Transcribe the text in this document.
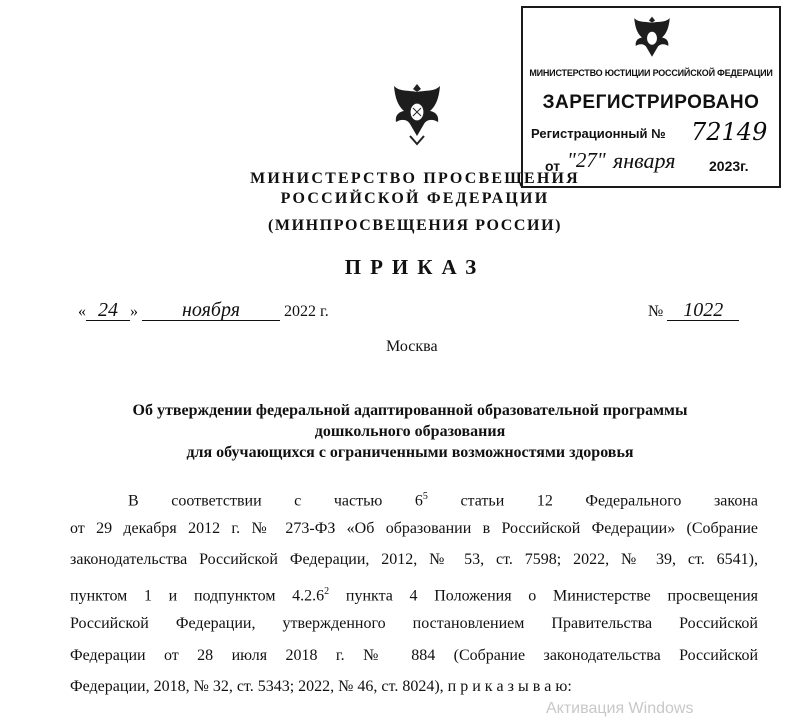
МИНИСТЕРСТВО ЮСТИЦИИ РОССИЙСКОЙ ФЕДЕРАЦИИ
ЗАРЕГИСТРИРОВАНО
Регистрационный № 72149
от "27" января 2023г.
МИНИСТЕРСТВО ПРОСВЕЩЕНИЯ
РОССИЙСКОЙ ФЕДЕРАЦИИ
(МИНПРОСВЕЩЕНИЯ РОССИИ)
ПРИКАЗ
« 24 » ноября	2022 г.	№ 1022
Москва
Об утверждении федеральной адаптированной образовательной программы
дошкольного образования
для обучающихся с ограниченными возможностями здоровья
В соответствии с частью $6^5$ статьи 12 Федерального закона
от 29 декабря 2012 г. № 273-ФЗ «Об образовании в Российской Федерации» (Собрание
законодательства Российской Федерации, 2012, № 53, ст. 7598; 2022, № 39, ст. 6541),
пунктом 1 и подпунктом 4.2.6$^2$ пункта 4 Положения о Министерстве просвещения
Российской Федерации, утвержденного постановлением Правительства Российской
Федерации от 28 июля 2018 г. № 884 (Собрание законодательства Российской
Федерации, 2018, № 32, ст. 5343; 2022, № 46, ст. 8024), п р и к а з ы в а ю:
Активация Windows
